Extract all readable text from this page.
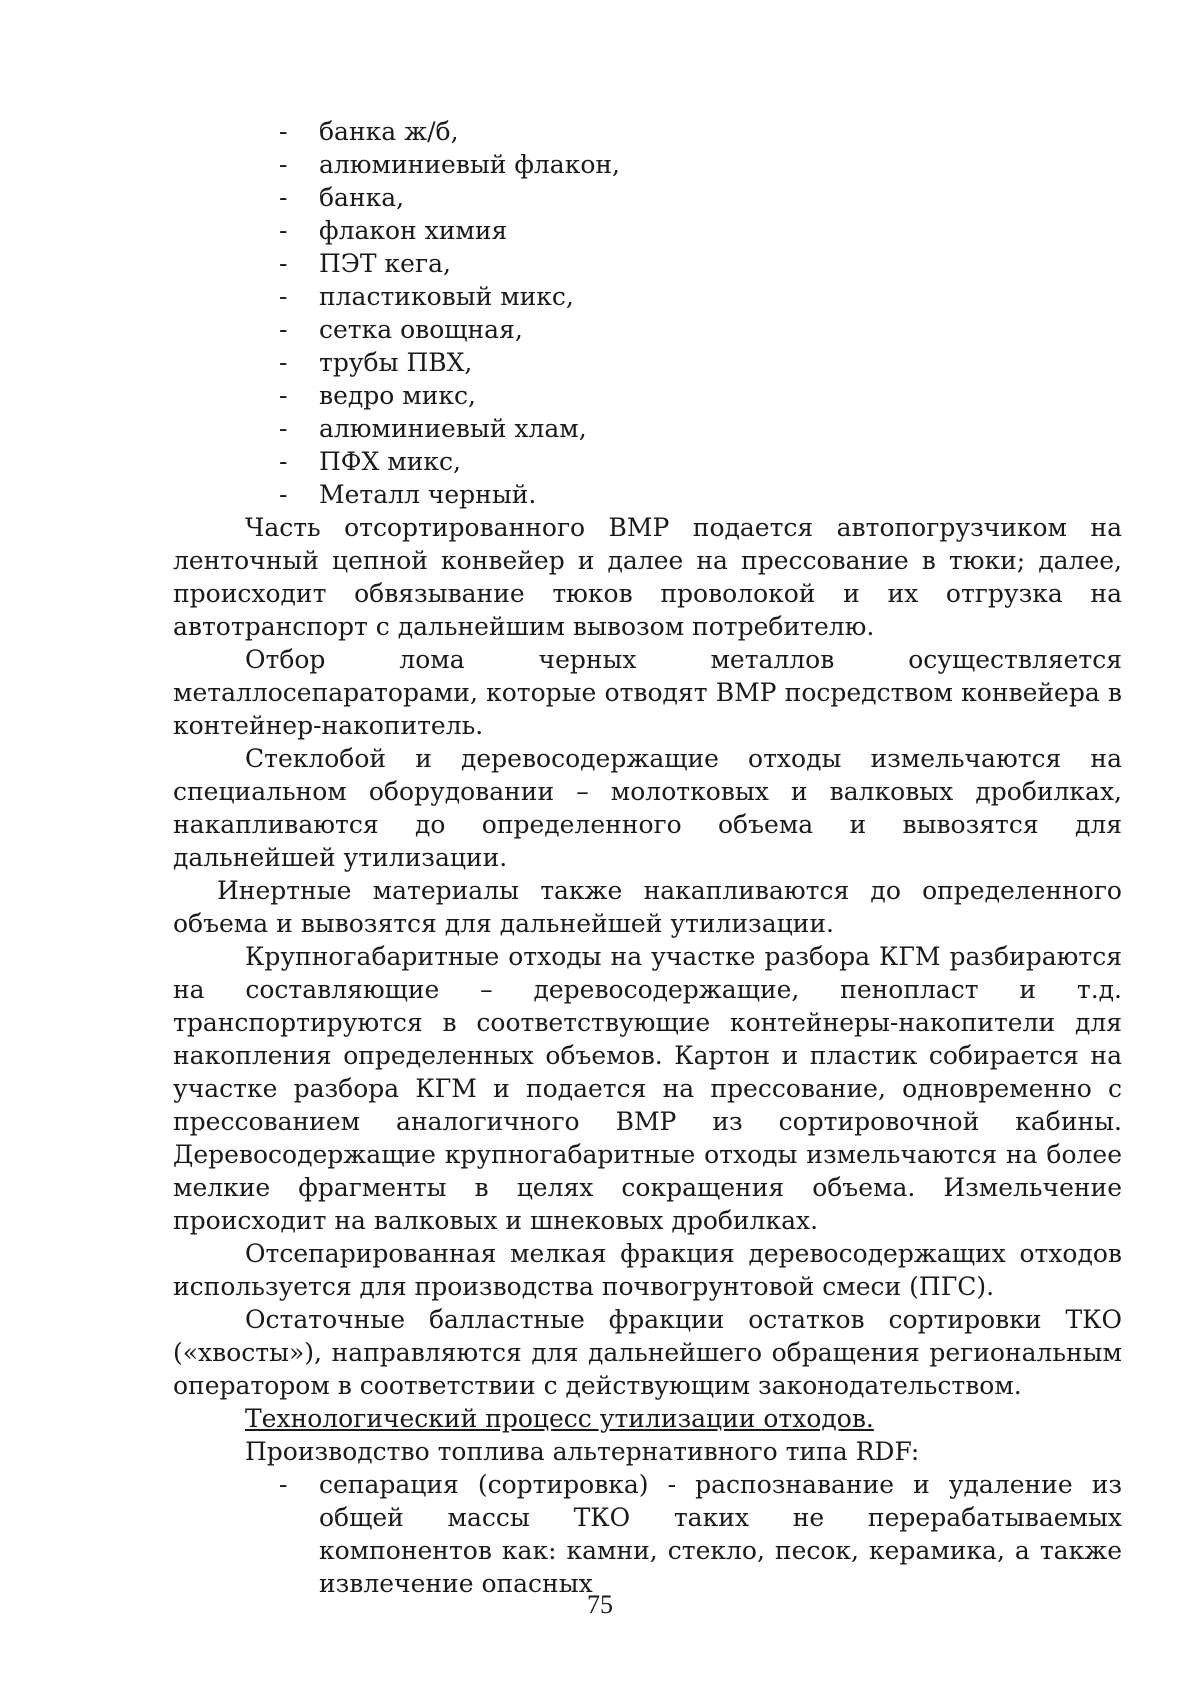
- банка ж/б,
- алюминиевый флакон,
- банка,
- флакон химия
- ПЭТ кега,
- пластиковый микс,
- сетка овощная,
- трубы ПВХ,
- ведро микс,
- алюминиевый хлам,
- ПФХ микс,
- Металл черный.

Часть отсортированного ВМР подается автопогрузчиком на ленточный цепной конвейер и далее на прессование в тюки; далее, происходит обвязывание тюков проволокой и их отгрузка на автотранспорт с дальнейшим вывозом потребителю.

Отбор лома черных металлов осуществляется металлосепараторами, которые отводят ВМР посредством конвейера в контейнер-накопитель.

Стеклобой и деревосодержащие отходы измельчаются на специальном оборудовании – молотковых и валковых дробилках, накапливаются до определенного объема и вывозятся для дальнейшей утилизации.

Инертные материалы также накапливаются до определенного объема и вывозятся для дальнейшей утилизации.

Крупногабаритные отходы на участке разбора КГМ разбираются на составляющие – деревосодержащие, пенопласт и т.д. транспортируются в соответствующие контейнеры-накопители для накопления определенных объемов. Картон и пластик собирается на участке разбора КГМ и подается на прессование, одновременно с прессованием аналогичного ВМР из сортировочной кабины. Деревосодержащие крупногабаритные отходы измельчаются на более мелкие фрагменты в целях сокращения объема. Измельчение происходит на валковых и шнековых дробилках.

Отсепарированная мелкая фракция деревосодержащих отходов используется для производства почвогрунтовой смеси (ПГС).

Остаточные балластные фракции остатков сортировки ТКО («хвосты»), направляются для дальнейшего обращения региональным оператором в соответствии с действующим законодательством.

Технологический процесс утилизации отходов.

Производство топлива альтернативного типа RDF:

- сепарация (сортировка) - распознавание и удаление из общей массы ТКО таких не перерабатываемых компонентов как: камни, стекло, песок, керамика, а также извлечение опасных
75
